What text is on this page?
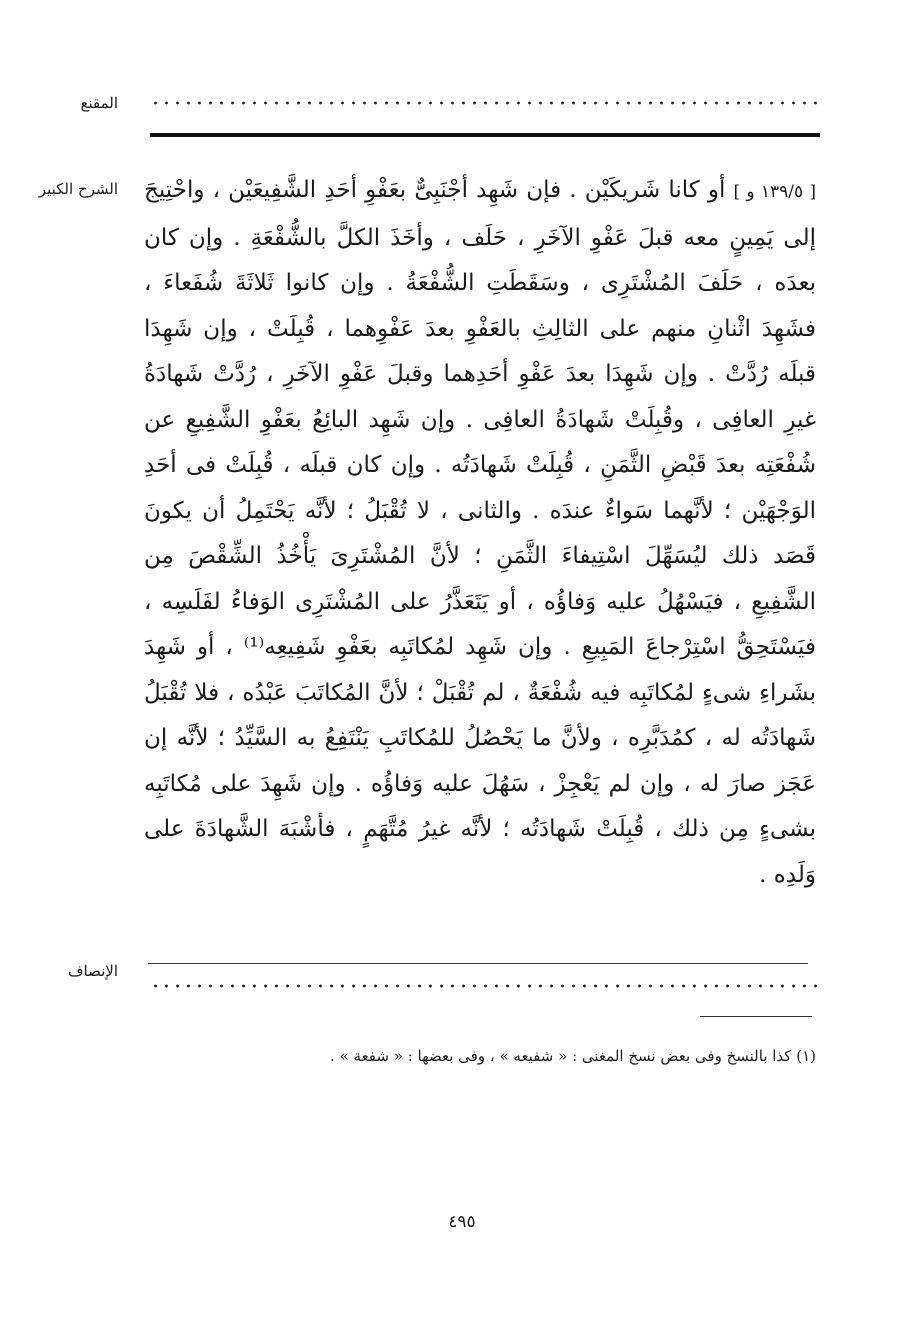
المقنع
الشرح الكبير	[ ١٣٩/٥ و ] أو كانا شَريكَيْن . فإن شَهِد أجْنَبِىٌّ بعَفْوِ أحَدِ الشَّفِيعَيْن ، واحْتِيجَ إلى يَمِينٍ معه قبلَ عَفْوِ الآخَرِ ، حَلَف ، وأخَذَ الكلَّ بالشُّفْعَةِ . وإن كان بعدَه ، حَلَفَ المُشْتَرِى ، وسَقَطَتِ الشُّفْعَةُ . وإن كانوا ثَلاثَةَ شُفَعاءَ ، فشَهِدَ اثْنانِ منهم على الثالِثِ بالعَفْوِ بعدَ عَفْوِهما ، قُبِلَتْ ، وإن شَهِدَا قبلَه رُدَّتْ . وإن شَهِدَا بعدَ عَفْوِ أحَدِهما وقبلَ عَفْوِ الآخَرِ ، رُدَّتْ شَهادَةُ غيرِ العافِى ، وقُبِلَتْ شَهادَةُ العافِى . وإن شَهِد البائِعُ بعَفْوِ الشَّفِيعِ عن شُفْعَتِه بعدَ قَبْضِ الثَّمَنِ ، قُبِلَتْ شَهادَتُه . وإن كان قبلَه ، قُبِلَتْ فى أحَدِ الوَجْهَيْن ؛ لأنَّهما سَواءٌ عندَه . والثانى ، لا تُقْبَلُ ؛ لأنَّه يَحْتَمِلُ أن يكونَ قَصَد ذلك ليُسَهِّلَ اسْتِيفاءَ الثَّمَنِ ؛ لأنَّ المُشْتَرِىَ يَأْخُذُ الشِّقْصَ مِن الشَّفِيعِ ، فيَسْهُلُ عليه وَفاؤُه ، أو يَتَعَذَّرُ على المُشْتَرِى الوَفاءُ لفَلَسِه ، فيَسْتَحِقُّ اسْتِرْجاعَ المَبِيعِ . وإن شَهِد لمُكاتَبِه بعَفْوِ شَفِيعِه⁽¹⁾ ، أو شَهِدَ بشَراءِ شىءٍ لمُكاتَبِه فيه شُفْعَةٌ ، لم تُقْبَلْ ؛ لأنَّ المُكاتَبَ عَبْدُه ، فلا تُقْبَلُ شَهادَتُه له ، كمُدَبَّرِه ، ولأنَّ ما يَحْصُلُ للمُكاتَبِ يَنْتَفِعُ به السَّيِّدُ ؛ لأنَّه إن عَجَز صارَ له ، وإن لم يَعْجِزْ ، سَهُلَ عليه وَفاؤُه . وإن شَهِدَ على مُكاتَبِه بشىءٍ مِن ذلك ، قُبِلَتْ شَهادَتُه ؛ لأنَّه غيرُ مُتَّهَمٍ ، فأشْبَهَ الشَّهادَةَ على وَلَدِه .

الإنصاف
(١) كذا بالنسخ وفى بعض نسخ المغنى : « شفيعه » ، وفى بعضها : « شفعة » .
٤٩٥
